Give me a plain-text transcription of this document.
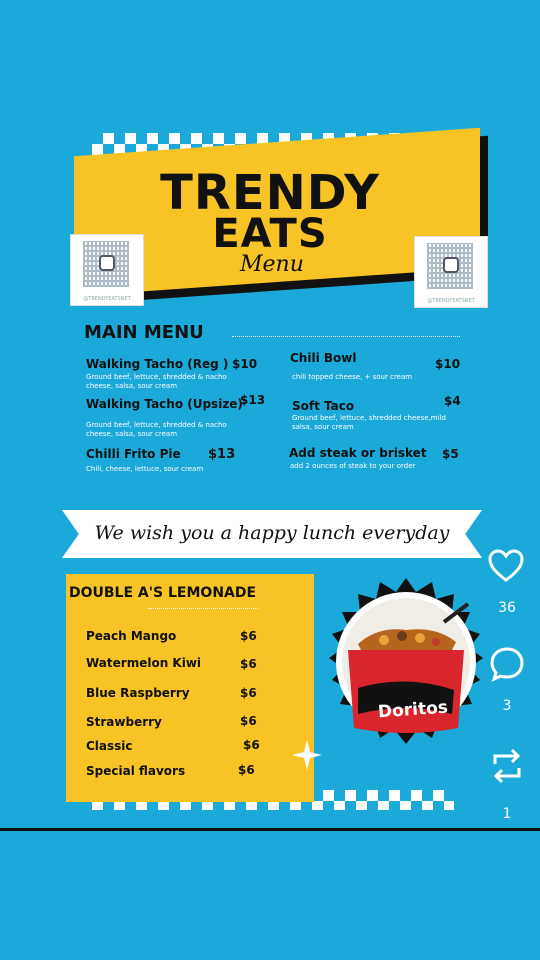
TRENDY
EATS
Menu
@TRENDYEATSNET	@TRENDYEATSNET
MAIN MENU
Walking Tacho (Reg ) $10
Ground beef, lettuce, shredded & nacho cheese, salsa, sour cream
Walking Tacho (Upsize)
$13
Ground beef, lettuce, shredded & nacho cheese, salsa, sour cream
Chilli Frito Pie $13
Chili, cheese, lettuce, sour cream
Chili Bowl	$10
chili topped cheese, + sour cream
Soft Taco	$4
Ground beef, lettuce, shredded cheese,mild salsa, sour cream
Add steak or brisket $5
add 2 ounces of steak to your order
We wish you a happy lunch everyday
DOUBLE A'S LEMONADE
Peach Mango	$6
Watermelon Kiwi	$6
Blue Raspberry	$6
Strawberry	$6
Classic	$6
Special flavors	$6
Doritos
36
3
1
